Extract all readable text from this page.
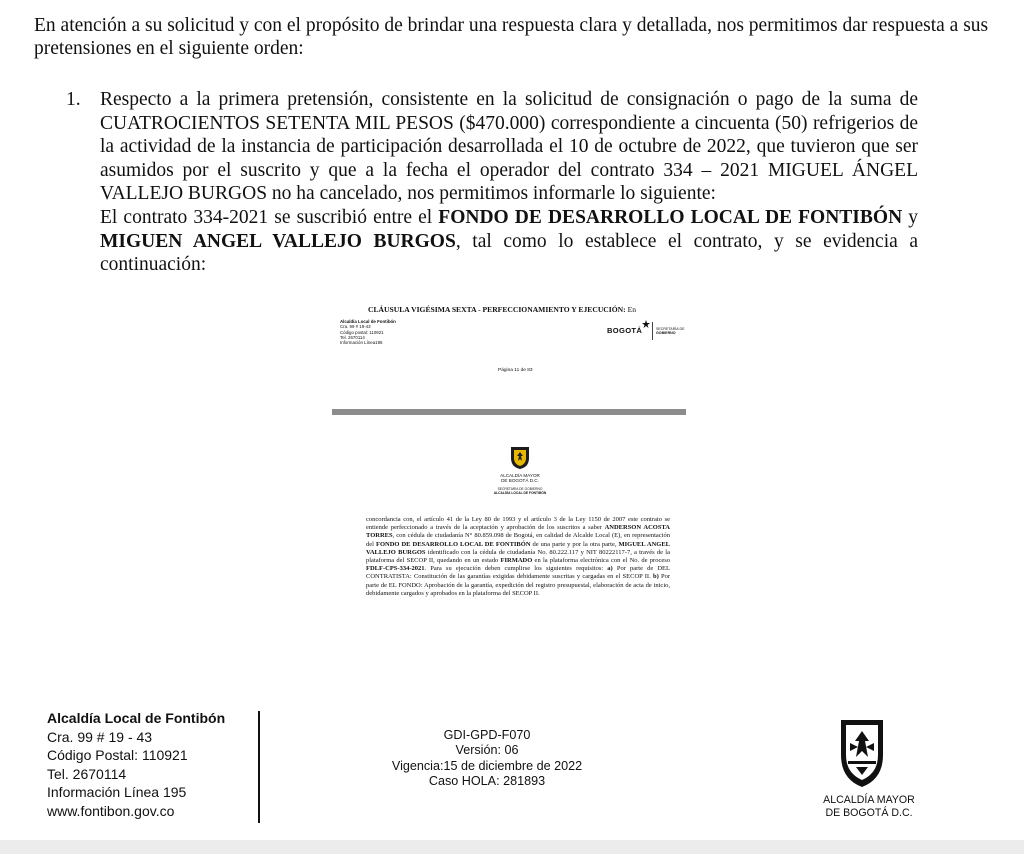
En atención a su solicitud y con el propósito de brindar una respuesta clara y detallada, nos permitimos dar respuesta a sus pretensiones en el siguiente orden:

1. Respecto a la primera pretensión, consistente en la solicitud de consignación o pago de la suma de CUATROCIENTOS SETENTA MIL PESOS ($470.000) correspondiente a cincuenta (50) refrigerios de la actividad de la instancia de participación desarrollada el 10 de octubre de 2022, que tuvieron que ser asumidos por el suscrito y que a la fecha el operador del contrato 334 – 2021 MIGUEL ÁNGEL VALLEJO BURGOS no ha cancelado, nos permitimos informarle lo siguiente:

El contrato 334-2021 se suscribió entre el FONDO DE DESARROLLO LOCAL DE FONTIBÓN y MIGUEN ANGEL VALLEJO BURGOS, tal como lo establece el contrato, y se evidencia a continuación:

CLÁUSULA VIGÉSIMA SEXTA - PERFECCIONAMIENTO Y EJECUCIÓN: En
Alcaldía Local de Fontibón
Cra. 99 # 19-43
Código postal: 110921
Tel. 2670114
Información Línea195
BOGOTÁ	SECRETARÍA DE
GOBIERNO
Página 11 de 83
ALCALDÍA MAYOR
DE BOGOTÁ D.C.
SECRETARÍA DE GOBIERNO
ALCALDÍA LOCAL DE FONTIBÓN
concordancia con, el artículo 41 de la Ley 80 de 1993 y el artículo 3 de la Ley 1150 de 2007 este contrato se entiende perfeccionado a través de la aceptación y aprobación de los suscritos a saber ANDERSON ACOSTA TORRES, con cédula de ciudadanía N° 80.859.098 de Bogotá, en calidad de Alcalde Local (E), en representación del FONDO DE DESARROLLO LOCAL DE FONTIBÓN de una parte y por la otra parte, MIGUEL ANGEL VALLEJO BURGOS identificado con la cédula de ciudadanía No. 80.222.117 y NIT 80222117-7, a través de la plataforma del SECOP II, quedando en un estado FIRMADO en la plataforma electrónica con el No. de proceso FDLF-CPS-334-2021. Para su ejecución deben cumplirse los siguientes requisitos: a) Por parte de DEL CONTRATISTA: Constitución de las garantías exigidas debidamente suscritas y cargadas en el SECOP II. b) Por parte de EL FONDO: Aprobación de la garantía, expedición del registro presupuestal, elaboración de acta de inicio, debidamente cargados y aprobados en la plataforma del SECOP II.
Alcaldía Local de Fontibón
Cra. 99 # 19 - 43
Código Postal: 110921
Tel. 2670114
Información Línea 195
www.fontibon.gov.co
GDI-GPD-F070
Versión: 06
Vigencia:15 de diciembre de 2022
Caso HOLA: 281893
ALCALDÍA MAYOR
DE BOGOTÁ D.C.
